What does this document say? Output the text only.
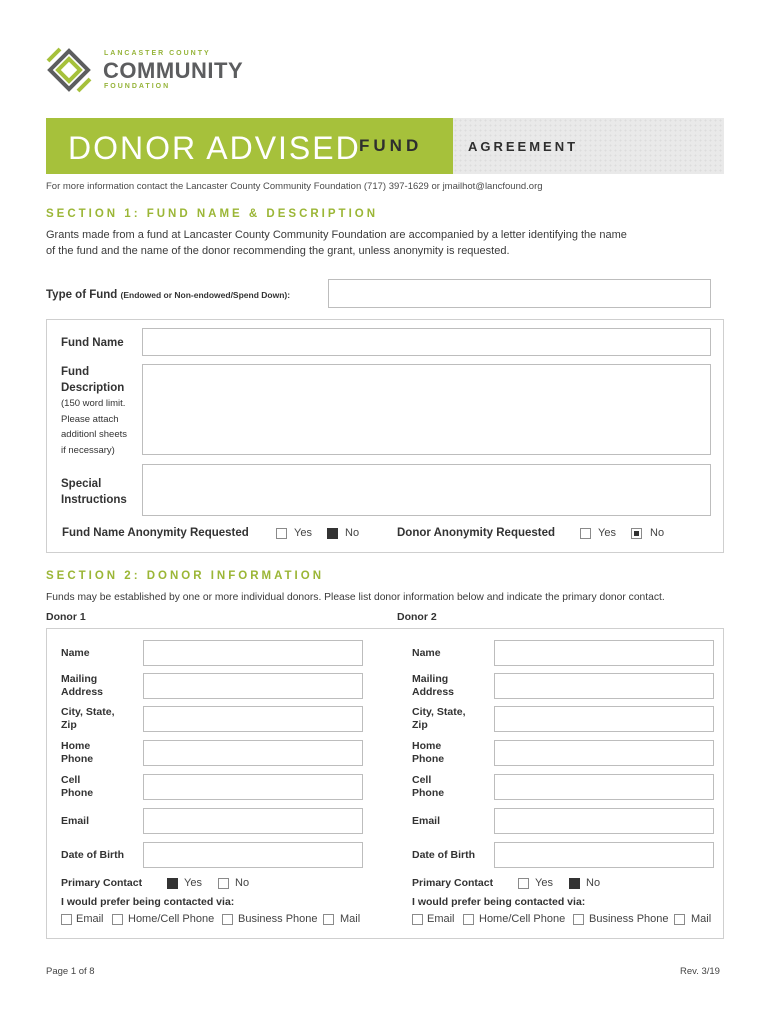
LANCASTER COUNTY
COMMUNITY
FOUNDATION
DONOR ADVISED
FUND	AGREEMENT
For more information contact the Lancaster County Community Foundation (717) 397-1629 or jmailhot@lancfound.org
SECTION 1: FUND NAME & DESCRIPTION
Grants made from a fund at Lancaster County Community Foundation are accompanied by a letter identifying the name
of the fund and the name of the donor recommending the grant, unless anonymity is requested.
Type of Fund (Endowed or Non-endowed/Spend Down):
Fund Name
Fund
Description
(150 word limit.
Please attach
additionl sheets
if necessary)
Special
Instructions
Fund Name Anonymity Requested	Yes	No	Donor Anonymity Requested	Yes	No
SECTION 2: DONOR INFORMATION
Funds may be established by one or more individual donors. Please list donor information below and indicate the primary donor contact.
Donor 1	Donor 2
Name
Mailing
Address
City, State,
Zip
Home
Phone
Cell
Phone
Email
Date of Birth
Primary Contact	Yes	No
I would prefer being contacted via:
Email Home/Cell Phone Business Phone Mail
Name
Mailing
Address
City, State,
Zip
Home
Phone
Cell
Phone
Email
Date of Birth
Primary Contact	Yes	No
I would prefer being contacted via:
Email Home/Cell Phone Business Phone Mail
Page 1 of 8	Rev. 3/19
